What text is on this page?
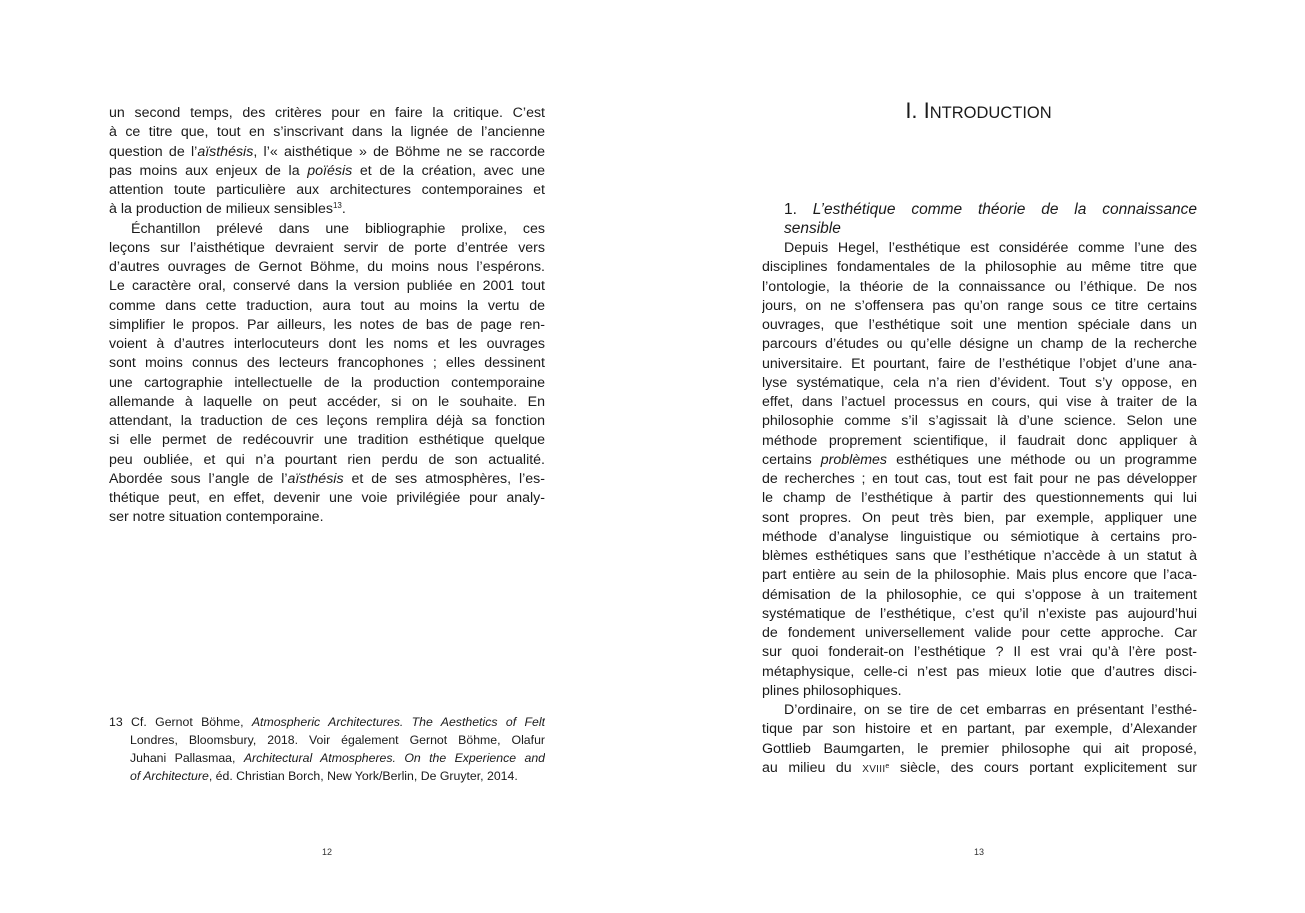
un second temps, des critères pour en faire la critique. C’est
à ce titre que, tout en s’inscrivant dans la lignée de l’ancienne
question de l’aïsthésis, l’« aisthétique » de Böhme ne se raccorde
pas moins aux enjeux de la poïésis et de la création, avec une
attention toute particulière aux architectures contemporaines et
à la production de milieux sensibles$^{13}$.
Échantillon prélevé dans une bibliographie prolixe, ces
leçons sur l’aisthétique devraient servir de porte d’entrée vers
d’autres ouvrages de Gernot Böhme, du moins nous l’espérons.
Le caractère oral, conservé dans la version publiée en 2001 tout
comme dans cette traduction, aura tout au moins la vertu de
simplifier le propos. Par ailleurs, les notes de bas de page ren-
voient à d’autres interlocuteurs dont les noms et les ouvrages
sont moins connus des lecteurs francophones ; elles dessinent
une cartographie intellectuelle de la production contemporaine
allemande à laquelle on peut accéder, si on le souhaite. En
attendant, la traduction de ces leçons remplira déjà sa fonction
si elle permet de redécouvrir une tradition esthétique quelque
peu oubliée, et qui n’a pourtant rien perdu de son actualité.
Abordée sous l’angle de l’aïsthésis et de ses atmosphères, l’es-
thétique peut, en effet, devenir une voie privilégiée pour analy-
ser notre situation contemporaine.
13 Cf. Gernot Böhme, Atmospheric Architectures. The Aesthetics of Felt
Londres, Bloomsbury, 2018. Voir également Gernot Böhme, Olafur
Juhani Pallasmaa, Architectural Atmospheres. On the Experience and
of Architecture, éd. Christian Borch, New York/Berlin, De Gruyter, 2014.
12
I. INTRODUCTION
1. L’esthétique comme théorie de la connaissance
sensible
Depuis Hegel, l’esthétique est considérée comme l’une des
disciplines fondamentales de la philosophie au même titre que
l’ontologie, la théorie de la connaissance ou l’éthique. De nos
jours, on ne s’offensera pas qu’on range sous ce titre certains
ouvrages, que l’esthétique soit une mention spéciale dans un
parcours d’études ou qu’elle désigne un champ de la recherche
universitaire. Et pourtant, faire de l’esthétique l’objet d’une ana-
lyse systématique, cela n’a rien d’évident. Tout s’y oppose, en
effet, dans l’actuel processus en cours, qui vise à traiter de la
philosophie comme s’il s’agissait là d’une science. Selon une
méthode proprement scientifique, il faudrait donc appliquer à
certains problèmes esthétiques une méthode ou un programme
de recherches ; en tout cas, tout est fait pour ne pas développer
le champ de l’esthétique à partir des questionnements qui lui
sont propres. On peut très bien, par exemple, appliquer une
méthode d’analyse linguistique ou sémiotique à certains pro-
blèmes esthétiques sans que l’esthétique n’accède à un statut à
part entière au sein de la philosophie. Mais plus encore que l’aca-
démisation de la philosophie, ce qui s’oppose à un traitement
systématique de l’esthétique, c’est qu’il n’existe pas aujourd’hui
de fondement universellement valide pour cette approche. Car
sur quoi fonderait-on l’esthétique ? Il est vrai qu’à l’ère post-
métaphysique, celle-ci n’est pas mieux lotie que d’autres disci-
plines philosophiques.
D’ordinaire, on se tire de cet embarras en présentant l’esthé-
tique par son histoire et en partant, par exemple, d’Alexander
Gottlieb Baumgarten, le premier philosophe qui ait proposé,
au milieu du XVIIIe siècle, des cours portant explicitement sur
13
